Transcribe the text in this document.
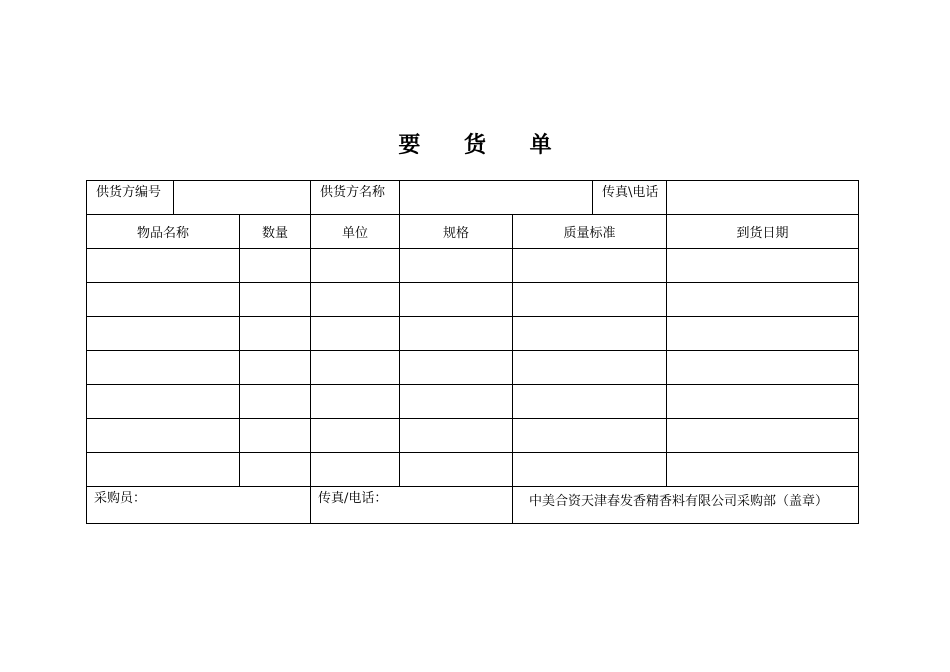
要 货 单
供货方编号			供货方名称			传真\电话	
物品名称		数量	单位	规格	质量标准		到货日期

采购员：			传真/电话：		中美合资天津春发香精香料有限公司采购部（盖章）		
